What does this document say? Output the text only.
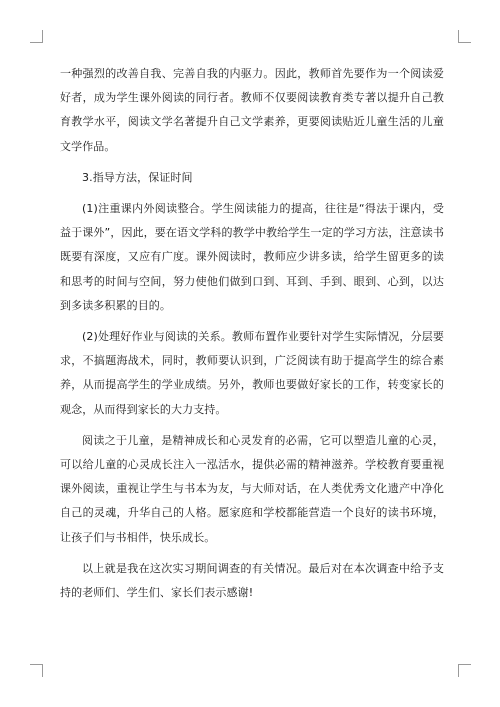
一种强烈的改善自我、完善自我的内驱力。因此，教师首先要作为一个阅读爱好者，成为学生课外阅读的同行者。教师不仅要阅读教育类专著以提升自己教育教学水平，阅读文学名著提升自己文学素养，更要阅读贴近儿童生活的儿童文学作品。

3.指导方法，保证时间

(1)注重课内外阅读整合。学生阅读能力的提高，往往是“得法于课内，受益于课外”，因此，要在语文学科的教学中教给学生一定的学习方法，注意读书既要有深度，又应有广度。课外阅读时，教师应少讲多读，给学生留更多的读和思考的时间与空间，努力使他们做到口到、耳到、手到、眼到、心到，以达到多读多积累的目的。

(2)处理好作业与阅读的关系。教师布置作业要针对学生实际情况，分层要求，不搞题海战术，同时，教师要认识到，广泛阅读有助于提高学生的综合素养，从而提高学生的学业成绩。另外，教师也要做好家长的工作，转变家长的观念，从而得到家长的大力支持。

阅读之于儿童，是精神成长和心灵发育的必需，它可以塑造儿童的心灵，可以给儿童的心灵成长注入一泓活水，提供必需的精神滋养。学校教育要重视课外阅读，重视让学生与书本为友，与大师对话，在人类优秀文化遗产中净化自己的灵魂，升华自己的人格。愿家庭和学校都能营造一个良好的读书环境，让孩子们与书相伴，快乐成长。

以上就是我在这次实习期间调查的有关情况。最后对在本次调查中给予支持的老师们、学生们、家长们表示感谢!
